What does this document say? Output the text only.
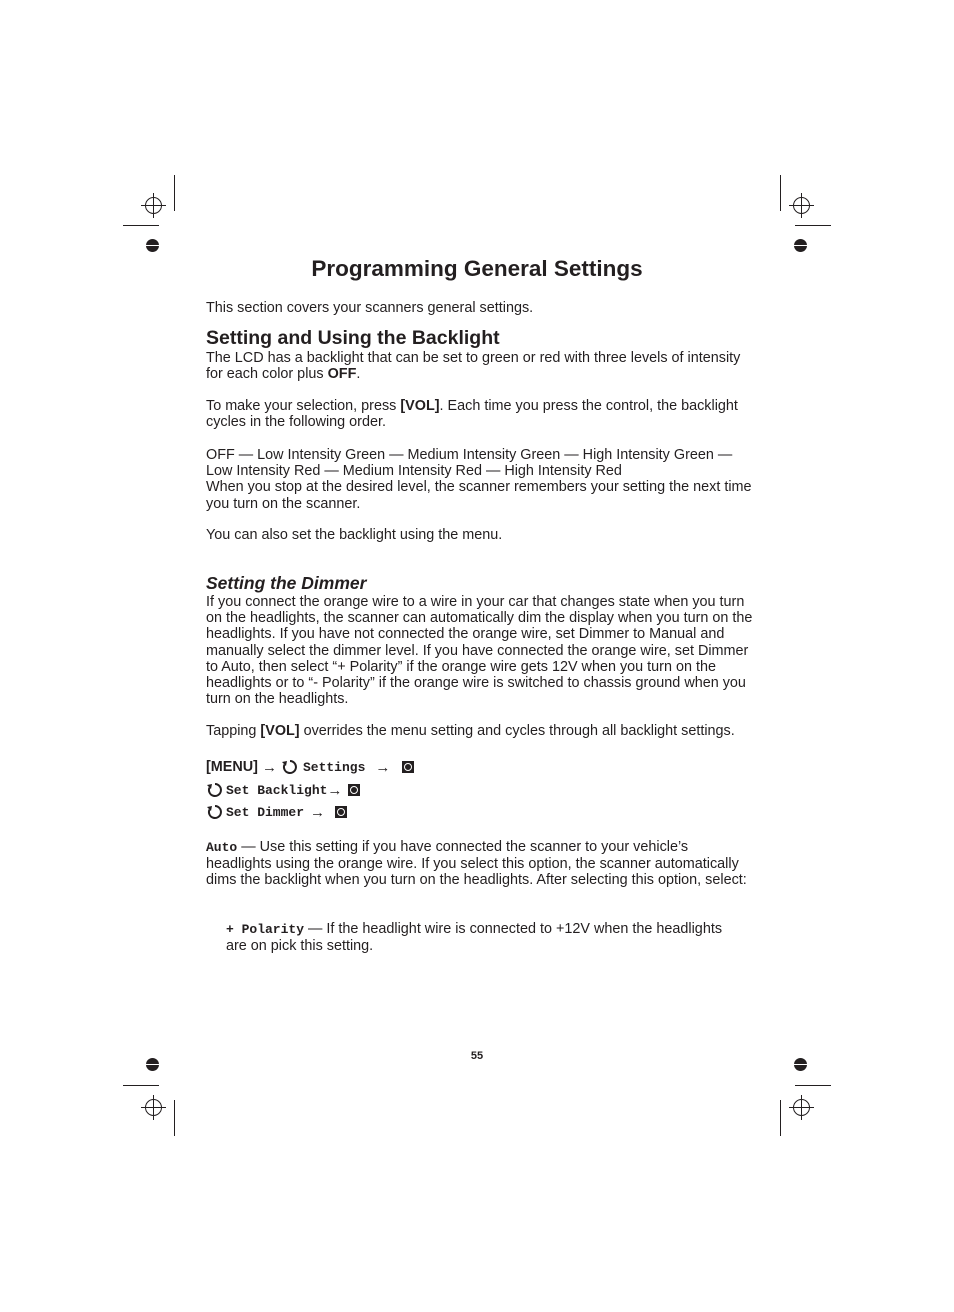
Programming General Settings

This section covers your scanners general settings.

Setting and Using the Backlight

The LCD has a backlight that can be set to green or red with three levels of intensity for each color plus OFF.

To make your selection, press [VOL]. Each time you press the control, the backlight cycles in the following order.

OFF — Low Intensity Green — Medium Intensity Green — High Intensity Green —
Low Intensity Red — Medium Intensity Red — High Intensity Red
When you stop at the desired level, the scanner remembers your setting the next time you turn on the scanner.

You can also set the backlight using the menu.

Setting the Dimmer

If you connect the orange wire to a wire in your car that changes state when you turn on the headlights, the scanner can automatically dim the display when you turn on the headlights. If you have not connected the orange wire, set Dimmer to Manual and manually select the dimmer level. If you have connected the orange wire, set Dimmer to Auto, then select “+ Polarity” if the orange wire gets 12V when you turn on the headlights or to “- Polarity” if the orange wire is switched to chassis ground when you turn on the headlights.

Tapping [VOL] overrides the menu setting and cycles through all backlight settings.

[MENU] → Settings →
Set Backlight →
Set Dimmer →

Auto — Use this setting if you have connected the scanner to your vehicle’s headlights using the orange wire. If you select this option, the scanner automatically dims the backlight when you turn on the headlights. After selecting this option, select:

+ Polarity — If the headlight wire is connected to +12V when the headlights are on pick this setting.

55
